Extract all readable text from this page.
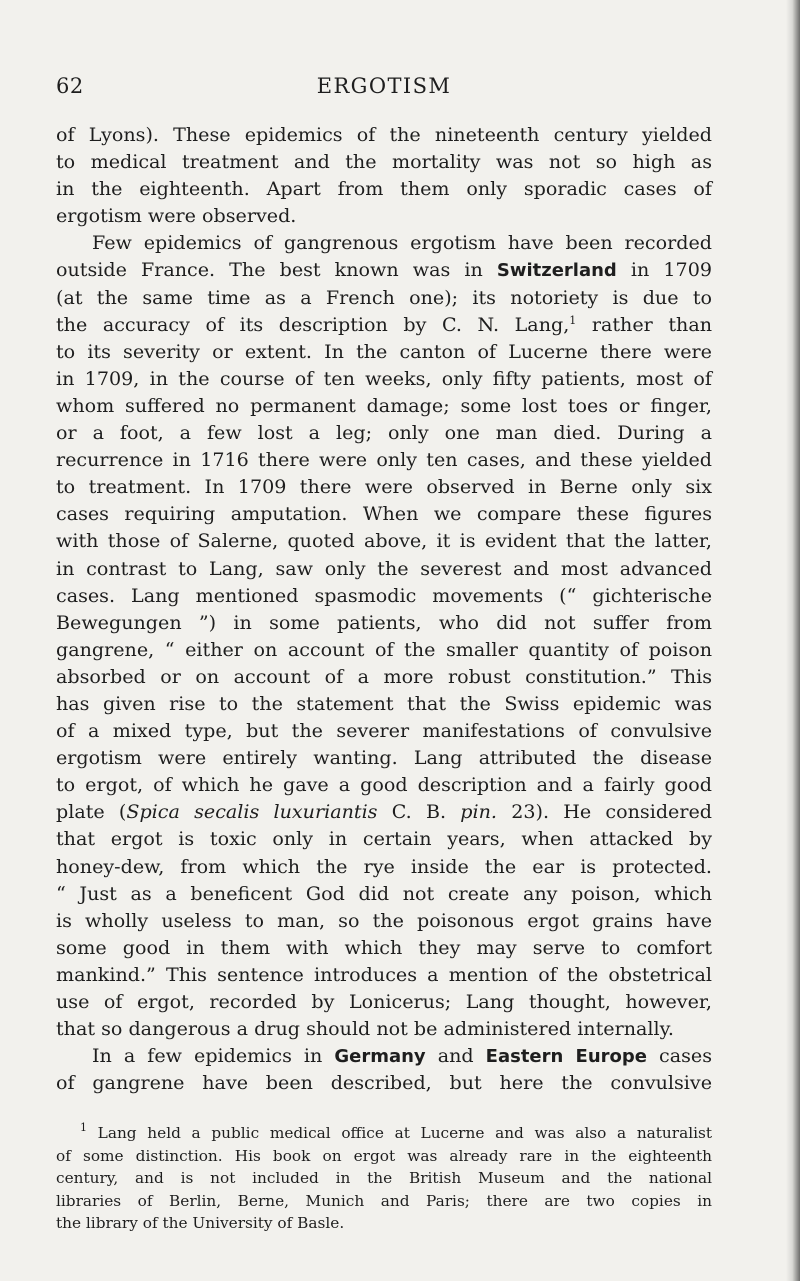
62	ERGOTISM
of Lyons). These epidemics of the nineteenth century yielded
to medical treatment and the mortality was not so high as
in the eighteenth. Apart from them only sporadic cases of
ergotism were observed.
Few epidemics of gangrenous ergotism have been recorded
outside France. The best known was in Switzerland in 1709
(at the same time as a French one); its notoriety is due to
the accuracy of its description by C. N. Lang,$^1$ rather than
to its severity or extent. In the canton of Lucerne there were
in 1709, in the course of ten weeks, only fifty patients, most of
whom suffered no permanent damage; some lost toes or finger,
or a foot, a few lost a leg; only one man died. During a
recurrence in 1716 there were only ten cases, and these yielded
to treatment. In 1709 there were observed in Berne only six
cases requiring amputation. When we compare these figures
with those of Salerne, quoted above, it is evident that the latter,
in contrast to Lang, saw only the severest and most advanced
cases. Lang mentioned spasmodic movements (“ gichterische
Bewegungen ”) in some patients, who did not suffer from
gangrene, “ either on account of the smaller quantity of poison
absorbed or on account of a more robust constitution.” This
has given rise to the statement that the Swiss epidemic was
of a mixed type, but the severer manifestations of convulsive
ergotism were entirely wanting. Lang attributed the disease
to ergot, of which he gave a good description and a fairly good
plate (Spica secalis luxuriantis C. B. pin. 23). He considered
that ergot is toxic only in certain years, when attacked by
honey-dew, from which the rye inside the ear is protected.
“ Just as a beneficent God did not create any poison, which
is wholly useless to man, so the poisonous ergot grains have
some good in them with which they may serve to comfort
mankind.” This sentence introduces a mention of the obstetrical
use of ergot, recorded by Lonicerus; Lang thought, however,
that so dangerous a drug should not be administered internally.
In a few epidemics in Germany and Eastern Europe cases
of gangrene have been described, but here the convulsive
$^1$ Lang held a public medical office at Lucerne and was also a naturalist
of some distinction. His book on ergot was already rare in the eighteenth
century, and is not included in the British Museum and the national
libraries of Berlin, Berne, Munich and Paris; there are two copies in
the library of the University of Basle.
